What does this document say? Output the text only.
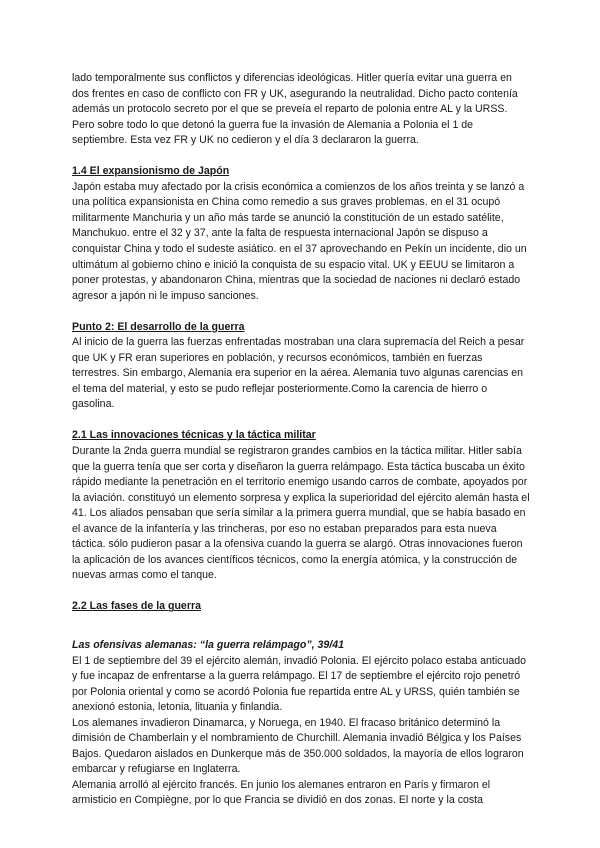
lado temporalmente sus conflictos y diferencias ideológicas. Hitler quería evitar una guerra en dos frentes en caso de conflicto con FR y UK, asegurando la neutralidad. Dicho pacto contenía además un protocolo secreto por el que se preveía el reparto de polonia entre AL y la URSS. Pero sobre todo lo que detonó la guerra fue la invasión de Alemania a Polonia el 1 de septiembre. Esta vez FR y UK no cedieron y el día 3 declararon la guerra.

1.4 El expansionismo de Japón

Japón estaba muy afectado por la crisis económica a comienzos de los años treinta y se lanzó a una política expansionista en China como remedio a sus graves problemas. en el 31 ocupó militarmente Manchuria y un año más tarde se anunció la constitución de un estado satélite, Manchukuo. entre el 32 y 37, ante la falta de respuesta internacional Japón se dispuso a conquistar China y todo el sudeste asiático. en el 37 aprovechando en Pekín un incidente, dio un ultimátum al gobierno chino e inició la conquista de su espacio vital. UK y EEUU se limitaron a poner protestas, y abandonaron China, mientras que la sociedad de naciones ni declaró estado agresor a japón ni le impuso sanciones.

Punto 2: El desarrollo de la guerra

Al inicio de la guerra las fuerzas enfrentadas mostraban una clara supremacía del Reich a pesar que UK y FR eran superiores en población, y recursos económicos, también en fuerzas terrestres. Sin embargo, Alemania era superior en la aérea. Alemania tuvo algunas carencias en el tema del material, y esto se pudo reflejar posteriormente.Como la carencia de hierro o gasolina.

2.1 Las innovaciones técnicas y la táctica militar

Durante la 2nda guerra mundial se registraron grandes cambios en la táctica militar. Hitler sabía que la guerra tenía que ser corta y diseñaron la guerra relámpago. Esta táctica buscaba un éxito rápido mediante la penetración en el territorio enemigo usando carros de combate, apoyados por la aviación. constituyó un elemento sorpresa y explica la superioridad del ejército alemán hasta el 41. Los aliados pensaban que sería similar a la primera guerra mundial, que se había basado en el avance de la infantería y las trincheras, por eso no estaban preparados para esta nueva táctica. sólo pudieron pasar a la ofensiva cuando la guerra se alargó. Otras innovaciones fueron la aplicación de los avances científicos técnicos, como la energía atómica, y la construcción de nuevas armas como el tanque.

2.2 Las fases de la guerra
Las ofensivas alemanas: “la guerra relámpago”, 39/41

El 1 de septiembre del 39 el ejército alemán, invadió Polonia. El ejército polaco estaba anticuado y fue incapaz de enfrentarse a la guerra relámpago. El 17 de septiembre el ejército rojo penetró por Polonia oriental y como se acordó Polonia fue repartida entre AL y URSS, quién también se anexionó estonia, letonia, lituania y finlandia.

Los alemanes invadieron Dinamarca, y Noruega, en 1940. El fracaso británico determinó la dimisión de Chamberlain y el nombramiento de Churchill. Alemania invadió Bélgica y los Países Bajos. Quedaron aislados en Dunkerque más de 350.000 soldados, la mayoría de ellos lograron embarcar y refugiarse en Inglaterra.

Alemania arrolló al ejército francés. En junio los alemanes entraron en París y firmaron el armisticio en Compiègne, por lo que Francia se dividió en dos zonas. El norte y la costa
